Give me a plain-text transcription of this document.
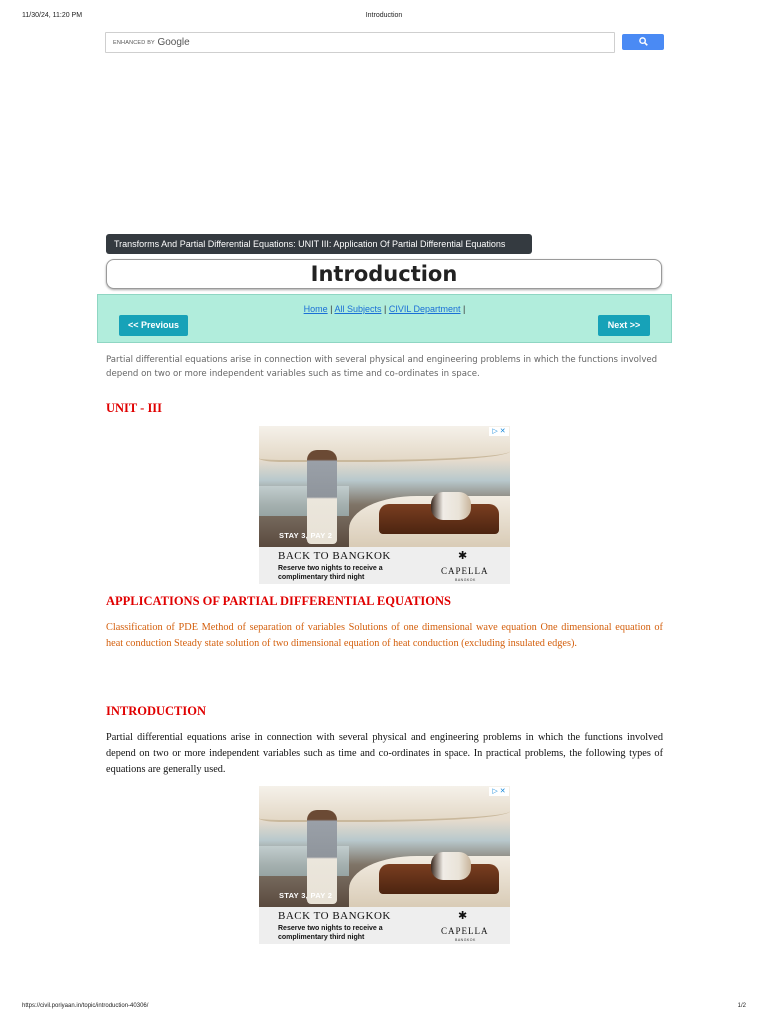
11/30/24, 11:20 PM	Introduction
ENHANCED BY Google
Transforms And Partial Differential Equations: UNIT III: Application Of Partial Differential Equations
Introduction
Home | All Subjects | CIVIL Department |
<< Previous	Next >>
Partial differential equations arise in connection with several physical and engineering problems in which the functions involved depend on two or more independent variables such as time and co-ordinates in space.
UNIT - III
STAY 3, PAY 2
BACK TO BANGKOK
Reserve two nights to receive a complimentary third night
✱
CAPELLA
BANGKOK
▷ ✕
APPLICATIONS OF PARTIAL DIFFERENTIAL EQUATIONS
Classification of PDE Method of separation of variables Solutions of one dimensional wave equation One dimensional equation of heat conduction Steady state solution of two dimensional equation of heat conduction (excluding insulated edges).
INTRODUCTION
Partial differential equations arise in connection with several physical and engineering problems in which the functions involved depend on two or more independent variables such as time and co-ordinates in space. In practical problems, the following types of equations are generally used.
STAY 3, PAY 2
BACK TO BANGKOK
Reserve two nights to receive a complimentary third night
✱
CAPELLA
BANGKOK
▷ ✕
https://civil.poriyaan.in/topic/introduction-40306/	1/2
